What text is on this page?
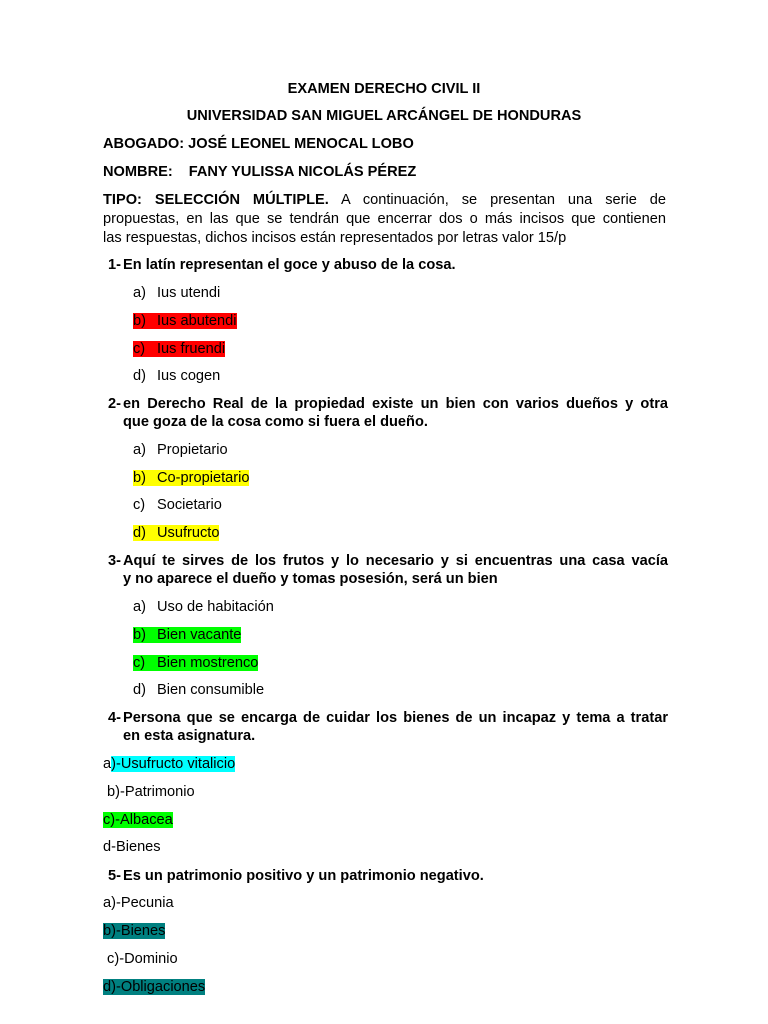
EXAMEN DERECHO CIVIL II
UNIVERSIDAD SAN MIGUEL ARCÁNGEL DE HONDURAS
ABOGADO: JOSÉ LEONEL MENOCAL LOBO
NOMBRE: FANY YULISSA NICOLÁS PÉREZ
TIPO: SELECCIÓN MÚLTIPLE. A continuación, se presentan una serie de
propuestas, en las que se tendrán que encerrar dos o más incisos que contienen
las respuestas, dichos incisos están representados por letras valor 15/p
1- En latín representan el goce y abuso de la cosa.
a) Ius utendi
b) Ius abutendi
c) Ius fruendi
d) Ius cogen
2- en Derecho Real de la propiedad existe un bien con varios dueños y otra
que goza de la cosa como si fuera el dueño.
a) Propietario
b) Co-propietario
c) Societario
d) Usufructo
3- Aquí te sirves de los frutos y lo necesario y si encuentras una casa vacía
y no aparece el dueño y tomas posesión, será un bien
a) Uso de habitación
b) Bien vacante
c) Bien mostrenco
d) Bien consumible
4- Persona que se encarga de cuidar los bienes de un incapaz y tema a tratar
en esta asignatura.
a)-Usufructo vitalicio
b)-Patrimonio
c)-Albacea
d-Bienes
5- Es un patrimonio positivo y un patrimonio negativo.
a)-Pecunia
b)-Bienes
c)-Dominio
d)-Obligaciones
